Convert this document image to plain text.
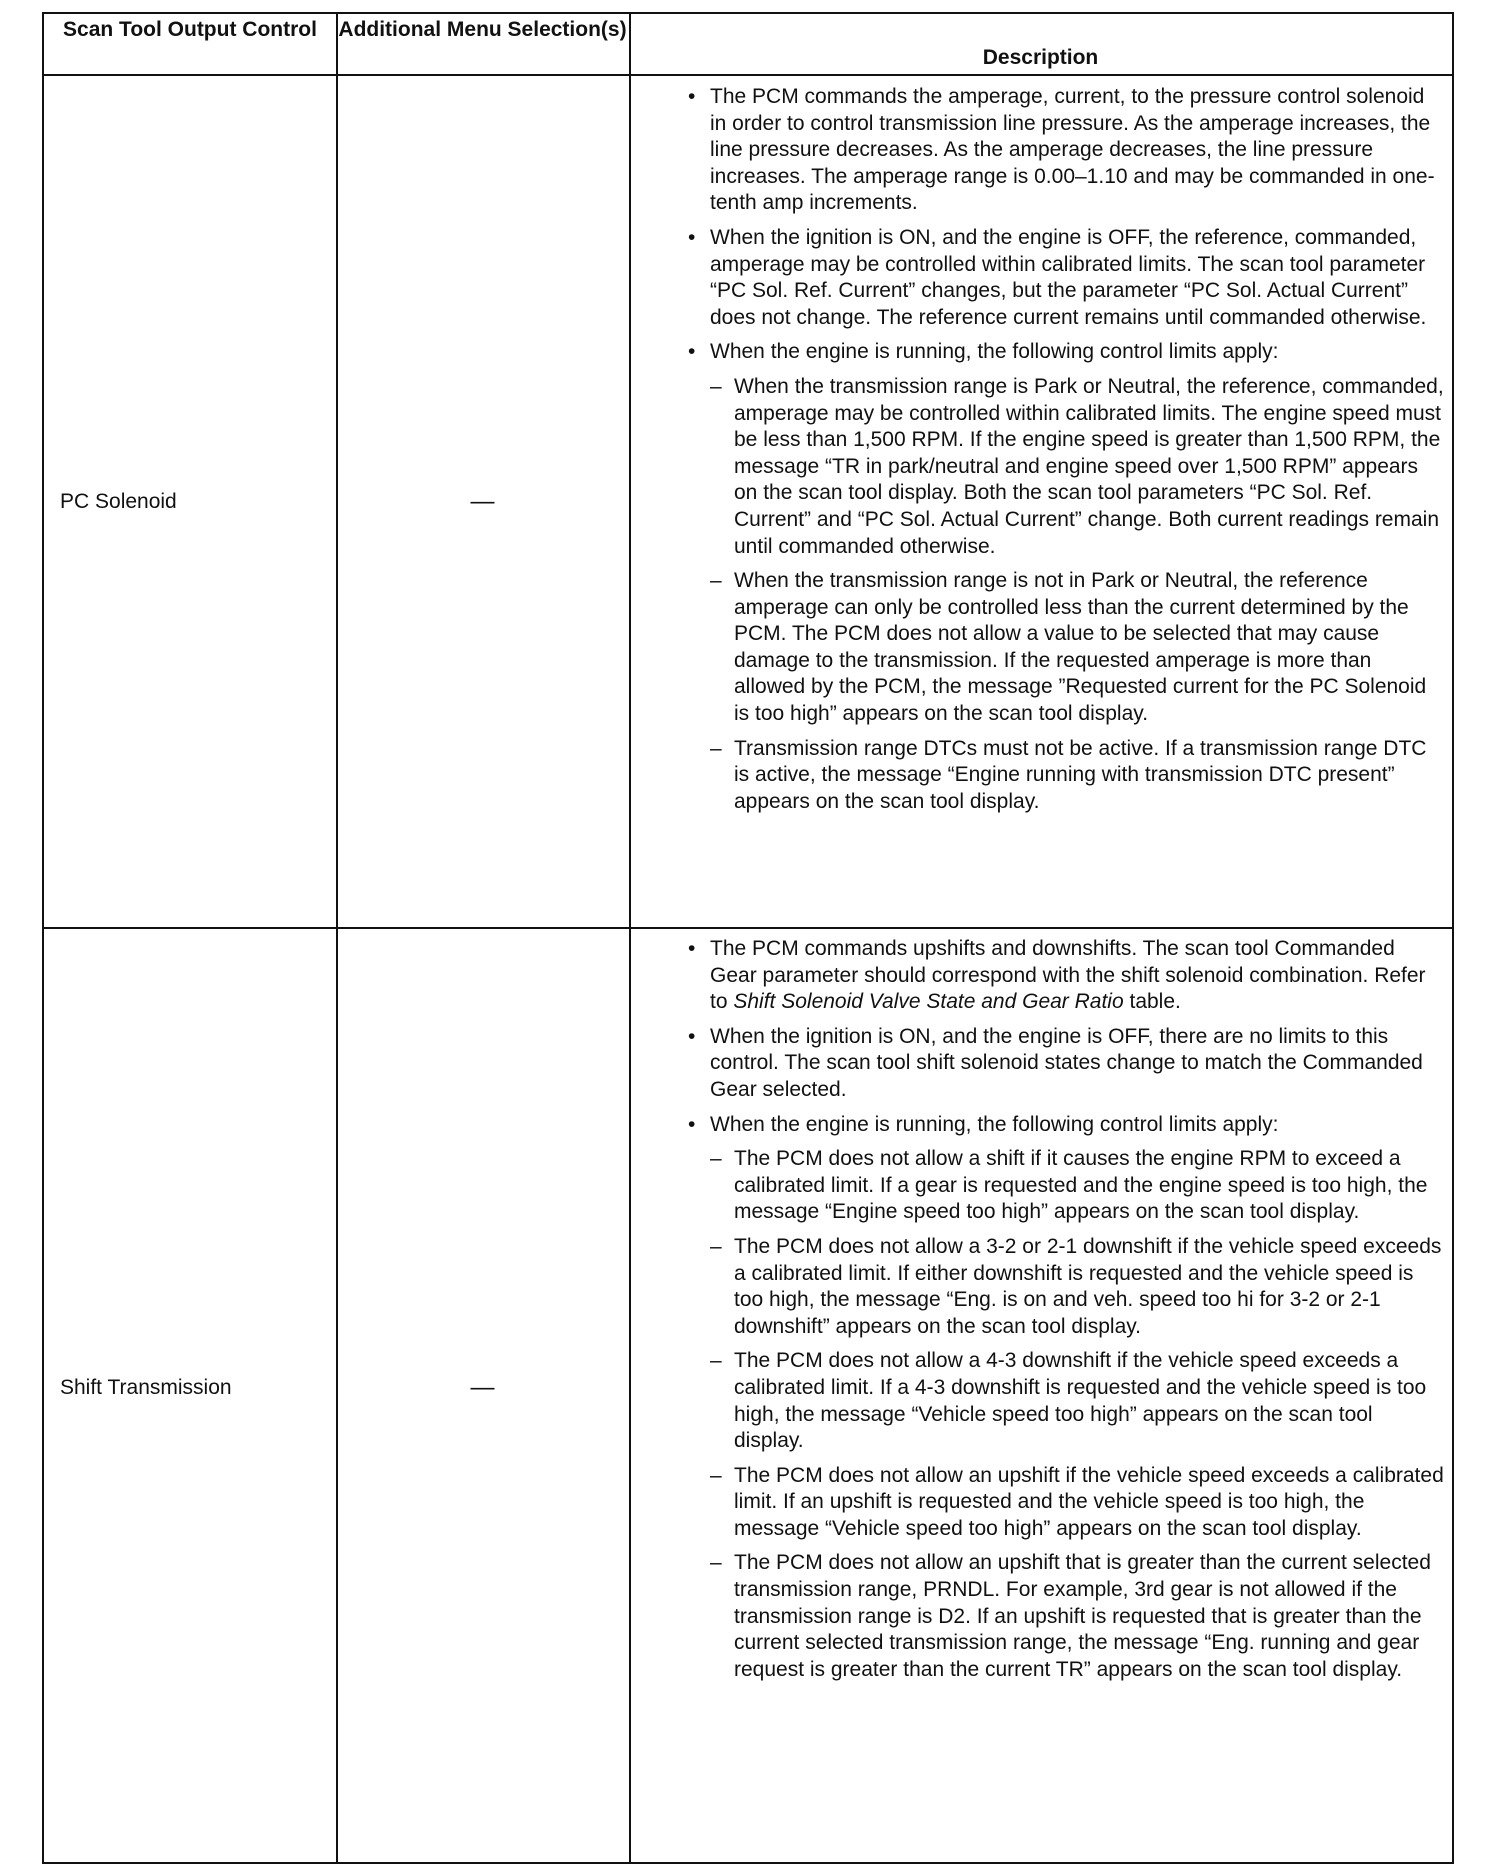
Scan Tool Output Control	Additional Menu Selection(s)
Description
PC Solenoid	—
• The PCM commands the amperage, current, to the pressure control solenoid in order to control transmission line pressure. As the amperage increases, the line pressure decreases. As the amperage decreases, the line pressure increases. The amperage range is 0.00–1.10 and may be commanded in one-tenth amp increments.
• When the ignition is ON, and the engine is OFF, the reference, commanded, amperage may be controlled within calibrated limits. The scan tool parameter “PC Sol. Ref. Current” changes, but the parameter “PC Sol. Actual Current” does not change. The reference current remains until commanded otherwise.
• When the engine is running, the following control limits apply:
– When the transmission range is Park or Neutral, the reference, commanded, amperage may be controlled within calibrated limits. The engine speed must be less than 1,500 RPM. If the engine speed is greater than 1,500 RPM, the message “TR in park/neutral and engine speed over 1,500 RPM” appears on the scan tool display. Both the scan tool parameters “PC Sol. Ref. Current” and “PC Sol. Actual Current” change. Both current readings remain until commanded otherwise.
– When the transmission range is not in Park or Neutral, the reference amperage can only be controlled less than the current determined by the PCM. The PCM does not allow a value to be selected that may cause damage to the transmission. If the requested amperage is more than allowed by the PCM, the message ”Requested current for the PC Solenoid is too high” appears on the scan tool display.
– Transmission range DTCs must not be active. If a transmission range DTC is active, the message “Engine running with transmission DTC present” appears on the scan tool display.
Shift Transmission	—
• The PCM commands upshifts and downshifts. The scan tool Commanded Gear parameter should correspond with the shift solenoid combination. Refer to Shift Solenoid Valve State and Gear Ratio table.
• When the ignition is ON, and the engine is OFF, there are no limits to this control. The scan tool shift solenoid states change to match the Commanded Gear selected.
• When the engine is running, the following control limits apply:
– The PCM does not allow a shift if it causes the engine RPM to exceed a calibrated limit. If a gear is requested and the engine speed is too high, the message “Engine speed too high” appears on the scan tool display.
– The PCM does not allow a 3-2 or 2-1 downshift if the vehicle speed exceeds a calibrated limit. If either downshift is requested and the vehicle speed is too high, the message “Eng. is on and veh. speed too hi for 3-2 or 2-1 downshift” appears on the scan tool display.
– The PCM does not allow a 4-3 downshift if the vehicle speed exceeds a calibrated limit. If a 4-3 downshift is requested and the vehicle speed is too high, the message “Vehicle speed too high” appears on the scan tool display.
– The PCM does not allow an upshift if the vehicle speed exceeds a calibrated limit. If an upshift is requested and the vehicle speed is too high, the message “Vehicle speed too high” appears on the scan tool display.
– The PCM does not allow an upshift that is greater than the current selected transmission range, PRNDL. For example, 3rd gear is not allowed if the transmission range is D2. If an upshift is requested that is greater than the current selected transmission range, the message “Eng. running and gear request is greater than the current TR” appears on the scan tool display.
